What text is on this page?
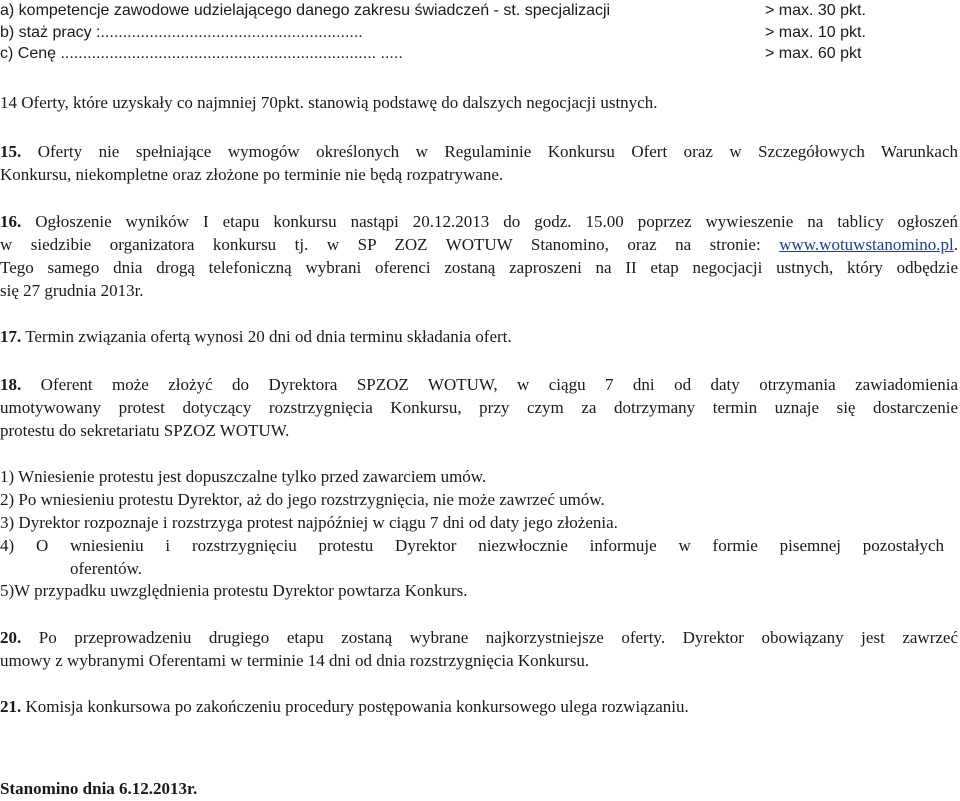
a) kompetencje zawodowe udzielającego danego zakresu świadczeń - st. specjalizacji	> max. 30 pkt.
b) staż pracy :...........................................................	> max. 10 pkt.
c) Cenę ....................................................................... .....	> max. 60 pkt
14 Oferty, które uzyskały co najmniej 70pkt. stanowią podstawę do dalszych negocjacji ustnych.
15. Oferty nie spełniające wymogów określonych w Regulaminie Konkursu Ofert oraz w Szczegółowych Warunkach
Konkursu, niekompletne oraz złożone po terminie nie będą rozpatrywane.
16. Ogłoszenie wyników I etapu konkursu nastąpi 20.12.2013 do godz. 15.00 poprzez wywieszenie na tablicy ogłoszeń
w siedzibie organizatora konkursu tj. w SP ZOZ WOTUW Stanomino, oraz na stronie: www.wotuwstanomino.pl.
Tego samego dnia drogą telefoniczną wybrani oferenci zostaną zaproszeni na II etap negocjacji ustnych, który odbędzie
się 27 grudnia 2013r.
17. Termin związania ofertą wynosi 20 dni od dnia terminu składania ofert.
18. Oferent może złożyć do Dyrektora SPZOZ WOTUW, w ciągu 7 dni od daty otrzymania zawiadomienia
umotywowany protest dotyczący rozstrzygnięcia Konkursu, przy czym za dotrzymany termin uznaje się dostarczenie
protestu do sekretariatu SPZOZ WOTUW.
1) Wniesienie protestu jest dopuszczalne tylko przed zawarciem umów.
2) Po wniesieniu protestu Dyrektor, aż do jego rozstrzygnięcia, nie może zawrzeć umów.
3) Dyrektor rozpoznaje i rozstrzyga protest najpóźniej w ciągu 7 dni od daty jego złożenia.
4) O wniesieniu i rozstrzygnięciu protestu Dyrektor niezwłocznie informuje w formie pisemnej pozostałych
oferentów.
5)W przypadku uwzględnienia protestu Dyrektor powtarza Konkurs.
20. Po przeprowadzeniu drugiego etapu zostaną wybrane najkorzystniejsze oferty. Dyrektor obowiązany jest zawrzeć
umowy z wybranymi Oferentami w terminie 14 dni od dnia rozstrzygnięcia Konkursu.
21. Komisja konkursowa po zakończeniu procedury postępowania konkursowego ulega rozwiązaniu.
Stanomino dnia 6.12.2013r.
